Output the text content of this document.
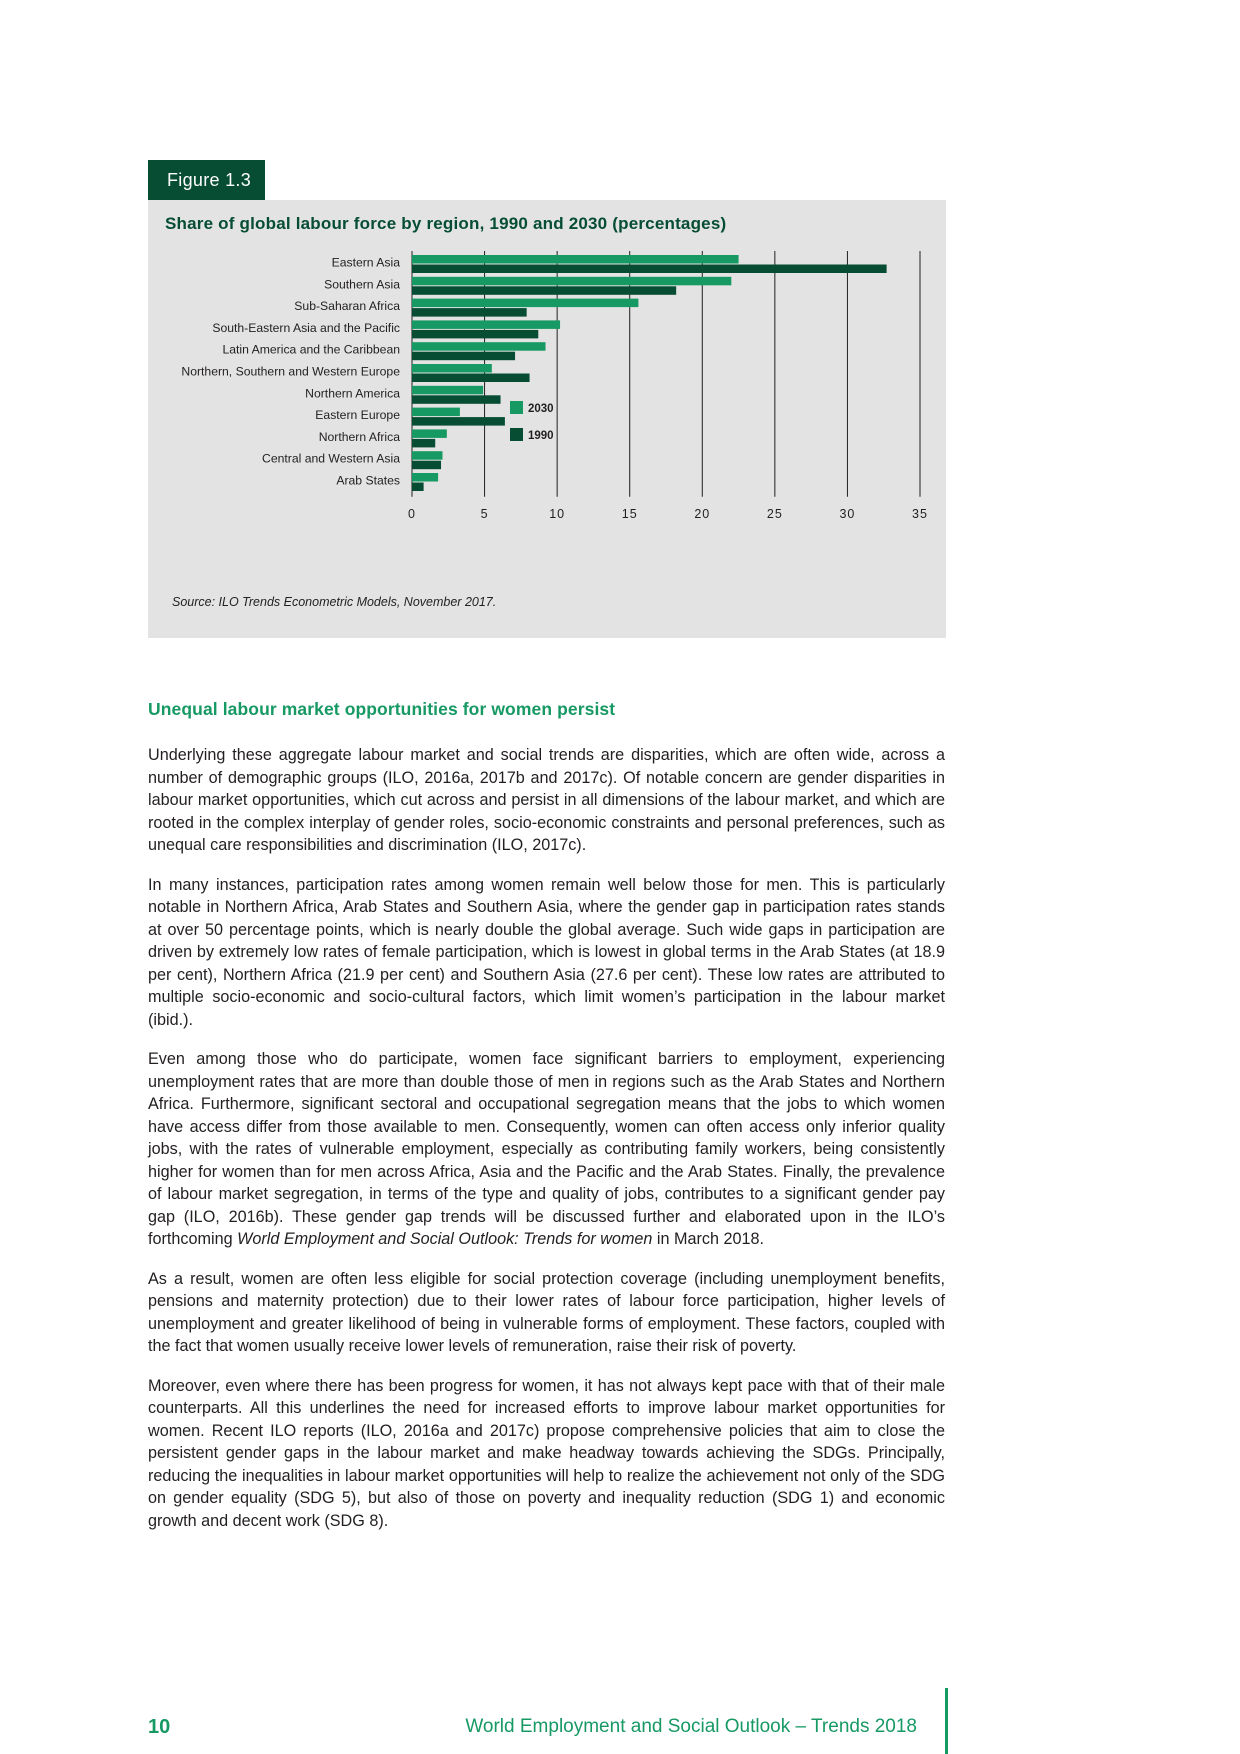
Figure 1.3
Share of global labour force by region, 1990 and 2030 (percentages)
0	5	10	15	20	25	30	35
Eastern Asia
Southern Asia
Sub-Saharan Africa
South-Eastern Asia and the Pacific
Latin America and the Caribbean
Northern, Southern and Western Europe
Northern America
Eastern Europe
Northern Africa
Central and Western Asia
Arab States
2030
1990
Source: ILO Trends Econometric Models, November 2017.
Unequal labour market opportunities for women persist

Underlying these aggregate labour market and social trends are disparities, which are often wide, across a number of demographic groups (ILO, 2016a, 2017b and 2017c). Of notable concern are gender disparities in labour market opportunities, which cut across and persist in all dimensions of the labour market, and which are rooted in the complex interplay of gender roles, socio-economic constraints and personal preferences, such as unequal care responsibilities and discrimination (ILO, 2017c).

In many instances, participation rates among women remain well below those for men. This is particularly notable in Northern Africa, Arab States and Southern Asia, where the gender gap in participation rates stands at over 50 percentage points, which is nearly double the global average. Such wide gaps in participation are driven by extremely low rates of female participation, which is lowest in global terms in the Arab States (at 18.9 per cent), Northern Africa (21.9 per cent) and Southern Asia (27.6 per cent). These low rates are attributed to multiple socio-economic and socio-cultural factors, which limit women’s participation in the labour market (ibid.).

Even among those who do participate, women face significant barriers to employment, experiencing unemployment rates that are more than double those of men in regions such as the Arab States and Northern Africa. Furthermore, significant sectoral and occupational segregation means that the jobs to which women have access differ from those available to men. Consequently, women can often access only inferior quality jobs, with the rates of vulnerable employment, especially as contributing family workers, being consistently higher for women than for men across Africa, Asia and the Pacific and the Arab States. Finally, the prevalence of labour market segregation, in terms of the type and quality of jobs, contributes to a significant gender pay gap (ILO, 2016b). These gender gap trends will be discussed further and elaborated upon in the ILO’s forthcoming World Employment and Social Outlook: Trends for women in March 2018.

As a result, women are often less eligible for social protection coverage (including unemployment benefits, pensions and maternity protection) due to their lower rates of labour force participation, higher levels of unemployment and greater likelihood of being in vulnerable forms of employment. These factors, coupled with the fact that women usually receive lower levels of remuneration, raise their risk of poverty.

Moreover, even where there has been progress for women, it has not always kept pace with that of their male counterparts. All this underlines the need for increased efforts to improve labour market opportunities for women. Recent ILO reports (ILO, 2016a and 2017c) propose comprehensive policies that aim to close the persistent gender gaps in the labour market and make headway towards achieving the SDGs. Principally, reducing the inequalities in labour market opportunities will help to realize the achievement not only of the SDG on gender equality (SDG 5), but also of those on poverty and inequality reduction (SDG 1) and economic growth and decent work (SDG 8).

10	World Employment and Social Outlook – Trends 2018
